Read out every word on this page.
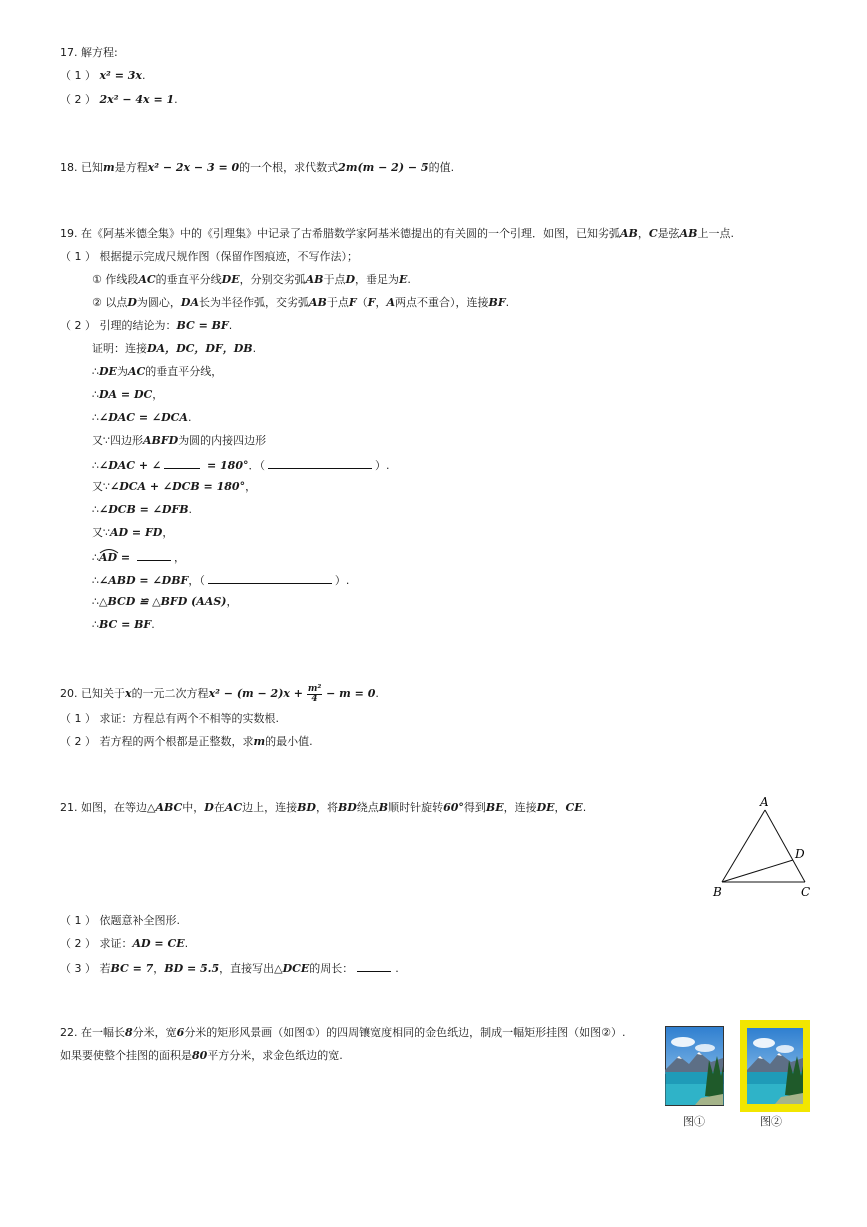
17. 解方程:
（ 1 ） x² = 3x.
（ 2 ） 2x² − 4x = 1.
18. 已知m是方程x² − 2x − 3 = 0的一个根，求代数式2m(m − 2) − 5的值.
19. 在《阿基米德全集》中的《引理集》中记录了古希腊数学家阿基米德提出的有关圆的一个引理．如图，已知劣弧AB，C是弦AB上一点.
（ 1 ） 根据提示完成尺规作图（保留作图痕迹，不写作法）；
① 作线段AC的垂直平分线DE，分别交劣弧AB于点D，垂足为E.
② 以点D为圆心，DA长为半径作弧，交劣弧AB于点F（F，A两点不重合），连接BF.
（ 2 ） 引理的结论为：BC = BF.
证明：连接DA，DC，DF，DB.
∴DE为AC的垂直平分线，
∴DA = DC，
∴∠DAC = ∠DCA.
又∵四边形ABFD为圆的内接四边形
∴∠DAC + ∠	= 180°．（	）.
又∵∠DCA + ∠DCB = 180°，
∴∠DCB = ∠DFB.
又∵AD = FD，
∴AD =	，
∴∠ABD = ∠DBF，（	）.
∴△BCD ≌ △BFD (AAS)，
∴BC = BF.
20. 已知关于x的一元二次方程$x^2 - (m - 2)x + \frac{\text{m²}}{4} - m = 0$.
（ 1 ） 求证：方程总有两个不相等的实数根.
（ 2 ） 若方程的两个根都是正整数，求m的最小值.
21. 如图，在等边△ABC中，D在AC边上，连接BD，将BD绕点B顺时针旋转60°得到BE，连接DE，CE.	A
B	C
D
（ 1 ） 依题意补全图形.
（ 2 ） 求证：AD = CE.
（ 3 ） 若BC = 7，BD = 5.5，直接写出△DCE的周长：	.
22. 在一幅长8分米，宽6分米的矩形风景画（如图①）的四周镶宽度相同的金色纸边，制成一幅矩形挂图（如图②）.
如果要使整个挂图的面积是80平方分米，求金色纸边的宽.
图①	图②
